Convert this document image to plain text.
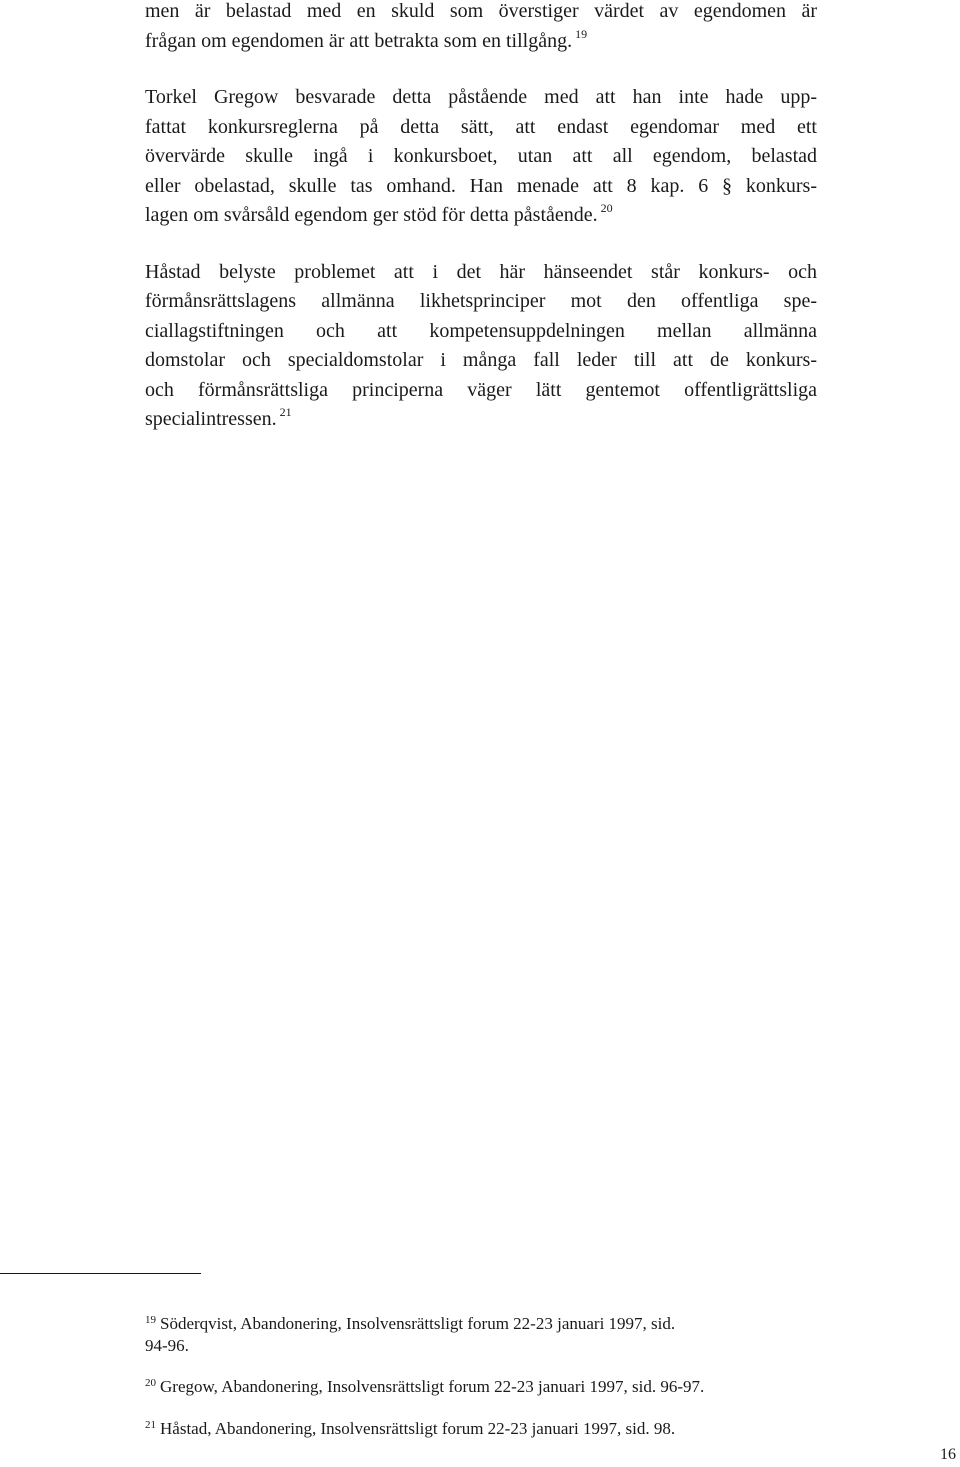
men är belastad med en skuld som överstiger värdet av egendomen är
frågan om egendomen är att betrakta som en tillgång. $^{19}$

Torkel Gregow besvarade detta påstående med att han inte hade upp-
fattat konkursreglerna på detta sätt, att endast egendomar med ett
övervärde skulle ingå i konkursboet, utan att all egendom, belastad
eller obelastad, skulle tas omhand. Han menade att 8 kap. 6 § konkurs-
lagen om svårsåld egendom ger stöd för detta påstående. $^{20}$

Håstad belyste problemet att i det här hänseendet står konkurs- och
förmånsrättslagens allmänna likhetsprinciper mot den offentliga spe-
ciallagstiftningen och att kompetensuppdelningen mellan allmänna
domstolar och specialdomstolar i många fall leder till att de konkurs-
och förmånsrättsliga principerna väger lätt gentemot offentligrättsliga
specialintressen. $^{21}$

$^{19}$ Söderqvist, Abandonering, Insolvensrättsligt forum 22-23 januari 1997, sid.
94-96.
$^{20}$ Gregow, Abandonering, Insolvensrättsligt forum 22-23 januari 1997, sid. 96-97.
$^{21}$ Håstad, Abandonering, Insolvensrättsligt forum 22-23 januari 1997, sid. 98.
16
